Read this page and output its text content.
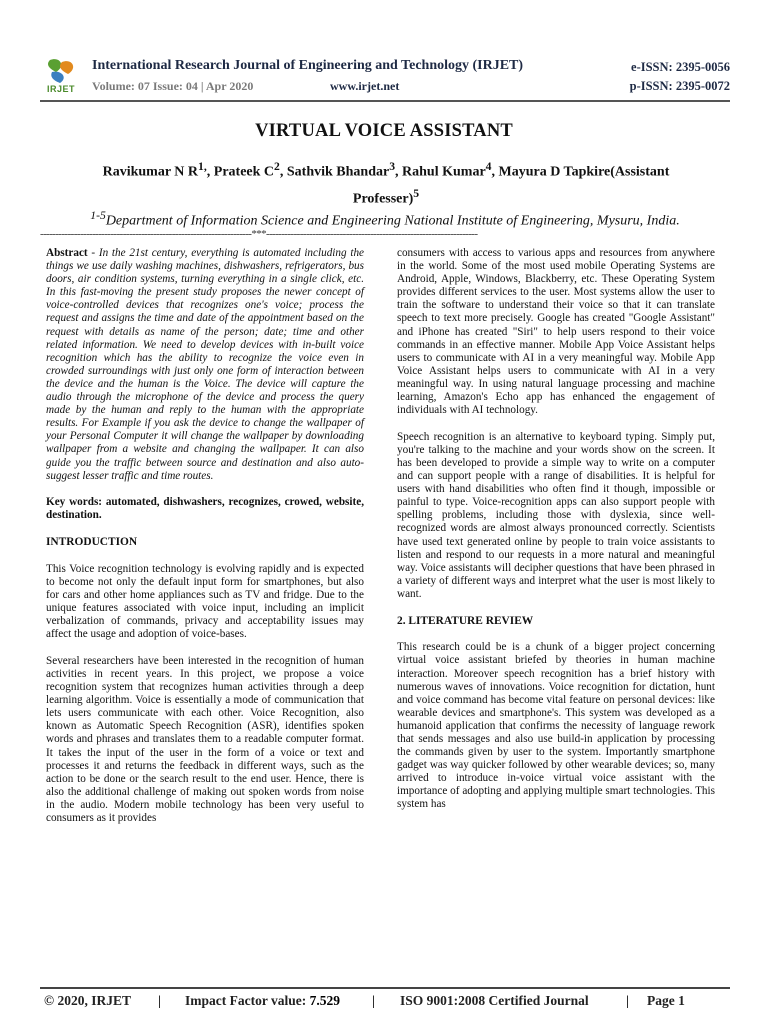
IRJET
International Research Journal of Engineering and Technology (IRJET)
Volume: 07 Issue: 04 | Apr 2020	www.irjet.net
e-ISSN: 2395-0056
p-ISSN: 2395-0072
VIRTUAL VOICE ASSISTANT
Ravikumar N $R^{1,}$, Prateek $C^2$, Sathvik Bhandar$^3$, Rahul Kumar$^4$, Mayura D Tapkire(Assistant Professer)$^5$
$^{1-5}$Department of Information Science and Engineering National Institute of Engineering, Mysuru, India.
---------------------------------------------------------------------***---------------------------------------------------------------------

Abstract - In the 21st century, everything is automated including the things we use daily washing machines, dishwashers, refrigerators, bus doors, air condition systems, turning everything in a single click, etc. In this fast-moving the present study proposes the newer concept of voice-controlled devices that recognizes one's voice; process the request and assigns the time and date of the appointment based on the request with details as name of the person; date; time and other related information. We need to develop devices with in-built voice recognition which has the ability to recognize the voice even in crowded surroundings with just only one form of interaction between the device and the human is the Voice. The device will capture the audio through the microphone of the device and process the query made by the human and reply to the human with the appropriate results. For Example if you ask the device to change the wallpaper of your Personal Computer it will change the wallpaper by downloading wallpaper from a website and changing the wallpaper. It can also guide you the traffic between source and destination and also auto-suggest lesser traffic and time routes.

Key words: automated, dishwashers, recognizes, crowed, website, destination.

INTRODUCTION

This Voice recognition technology is evolving rapidly and is expected to become not only the default input form for smartphones, but also for cars and other home appliances such as TV and fridge. Due to the unique features associated with voice input, including an implicit verbalization of commands, privacy and acceptability issues may affect the usage and adoption of voice-bases.

Several researchers have been interested in the recognition of human activities in recent years. In this project, we propose a voice recognition system that recognizes human activities through a deep learning algorithm. Voice is essentially a mode of communication that lets users communicate with each other. Voice Recognition, also known as Automatic Speech Recognition (ASR), identifies spoken words and phrases and translates them to a readable computer format. It takes the input of the user in the form of a voice or text and processes it and returns the feedback in different ways, such as the action to be done or the search result to the end user. Hence, there is also the additional challenge of making out spoken words from noise in the audio. Modern mobile technology has been very useful to consumers as it provides

consumers with access to various apps and resources from anywhere in the world. Some of the most used mobile Operating Systems are Android, Apple, Windows, Blackberry, etc. These Operating System provides different services to the user. Most systems allow the user to train the software to understand their voice so that it can translate speech to text more precisely. Google has created "Google Assistant" and iPhone has created "Siri" to help users respond to their voice commands in an effective manner. Mobile App Voice Assistant helps users to communicate with AI in a very meaningful way. Mobile App Voice Assistant helps users to communicate with AI in a very meaningful way. In using natural language processing and machine learning, Amazon's Echo app has enhanced the engagement of individuals with AI technology.

Speech recognition is an alternative to keyboard typing. Simply put, you're talking to the machine and your words show on the screen. It has been developed to provide a simple way to write on a computer and can support people with a range of disabilities. It is helpful for users with hand disabilities who often find it though, impossible or painful to type. Voice-recognition apps can also support people with spelling problems, including those with dyslexia, since well-recognized words are almost always pronounced correctly. Scientists have used text generated online by people to train voice assistants to listen and respond to our requests in a more natural and meaningful way. Voice assistants will decipher questions that have been phrased in a variety of different ways and interpret what the user is most likely to want.

2. LITERATURE REVIEW

This research could be is a chunk of a bigger project concerning virtual voice assistant briefed by theories in human machine interaction. Moreover speech recognition has a brief history with numerous waves of innovations. Voice recognition for dictation, hunt and voice command has become vital feature on personal devices: like wearable devices and smartphone's. This system was developed as a humanoid application that confirms the necessity of language rework that sends messages and also use build-in application by processing the commands given by user to the system. Importantly smartphone gadget was way quicker followed by other wearable devices; so, many arrived to introduce in-voice virtual voice assistant with the importance of adopting and applying multiple smart technologies. This system has

© 2020, IRJET | Impact Factor value: 7.529 | ISO 9001:2008 Certified Journal	| Page 1
